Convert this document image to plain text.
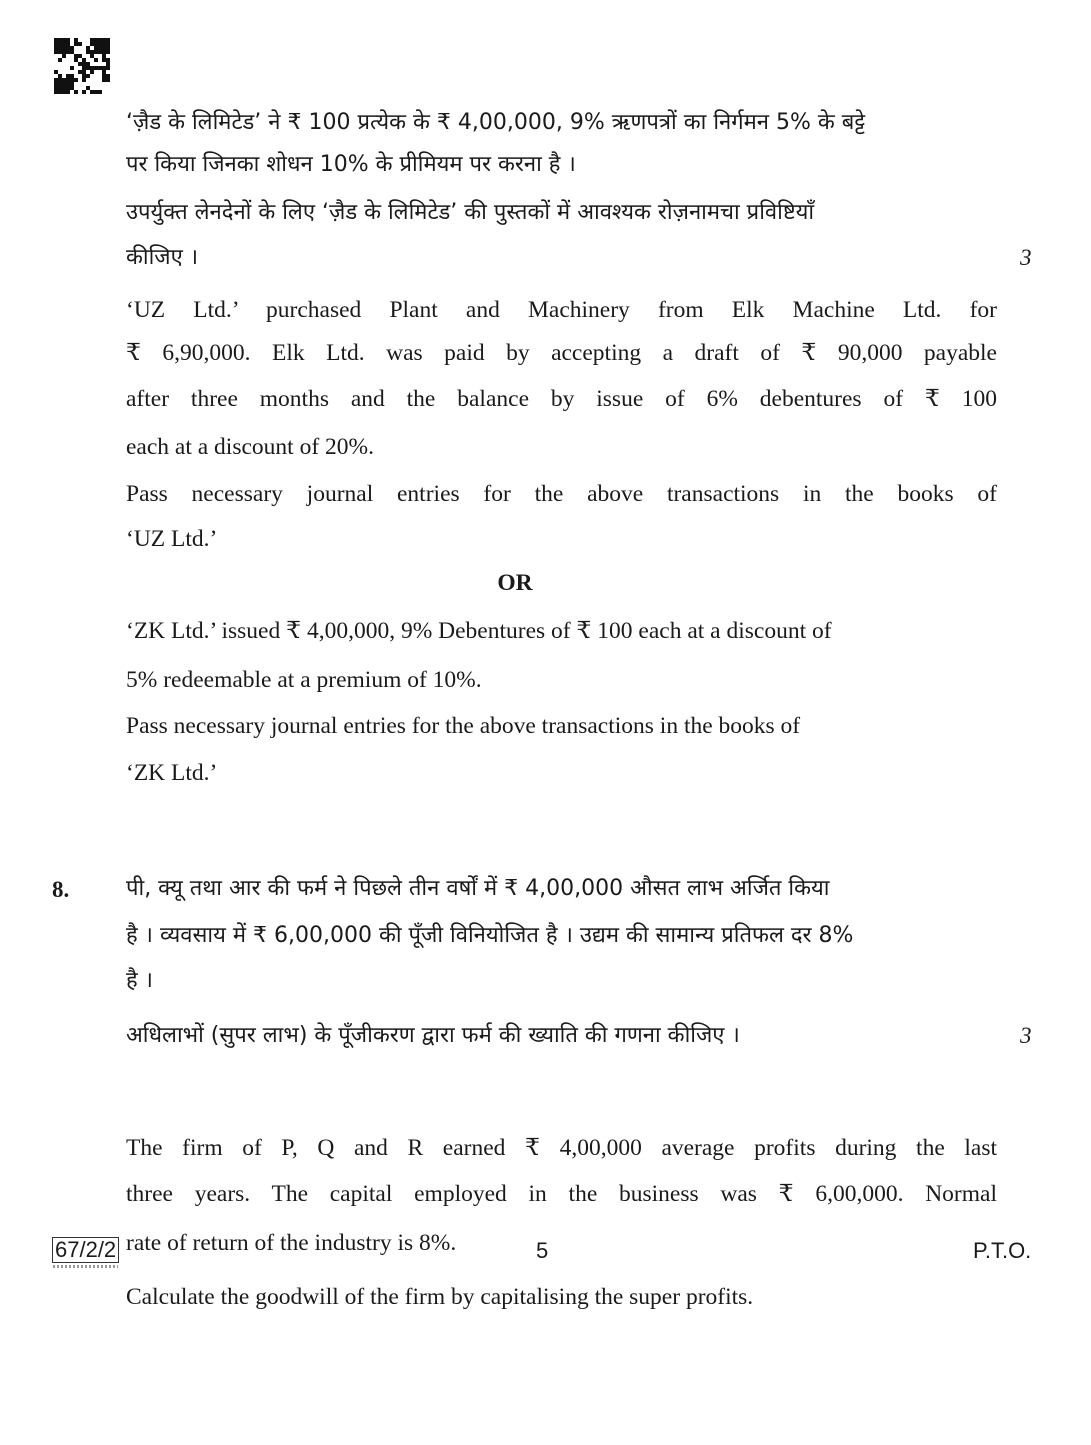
‘ज़ैड के लिमिटेड’ ने ₹ 100 प्रत्येक के ₹ 4,00,000, 9% ऋणपत्रों का निर्गमन 5% के बट्टे
पर किया जिनका शोधन 10% के प्रीमियम पर करना है ।
उपर्युक्त लेनदेनों के लिए ‘ज़ैड के लिमिटेड’ की पुस्तकों में आवश्यक रोज़नामचा प्रविष्टियाँ
कीजिए ।	3
‘UZ Ltd.’ purchased Plant and Machinery from Elk Machine Ltd. for
₹ 6,90,000. Elk Ltd. was paid by accepting a draft of ₹ 90,000 payable
after three months and the balance by issue of 6% debentures of ₹ 100
each at a discount of 20%.
Pass necessary journal entries for the above transactions in the books of
‘UZ Ltd.’
OR
‘ZK Ltd.’ issued ₹ 4,00,000, 9% Debentures of ₹ 100 each at a discount of
5% redeemable at a premium of 10%.
Pass necessary journal entries for the above transactions in the books of
‘ZK Ltd.’
8.	पी, क्यू तथा आर की फर्म ने पिछले तीन वर्षों में ₹ 4,00,000 औसत लाभ अर्जित किया
है । व्यवसाय में ₹ 6,00,000 की पूँजी विनियोजित है । उद्यम की सामान्य प्रतिफल दर 8%
है ।
अधिलाभों (सुपर लाभ) के पूँजीकरण द्वारा फर्म की ख्याति की गणना कीजिए ।	3
The firm of P, Q and R earned ₹ 4,00,000 average profits during the last
three years. The capital employed in the business was ₹ 6,00,000. Normal
rate of return of the industry is 8%.
Calculate the goodwill of the firm by capitalising the super profits.
67/2/2	5	P.T.O.
